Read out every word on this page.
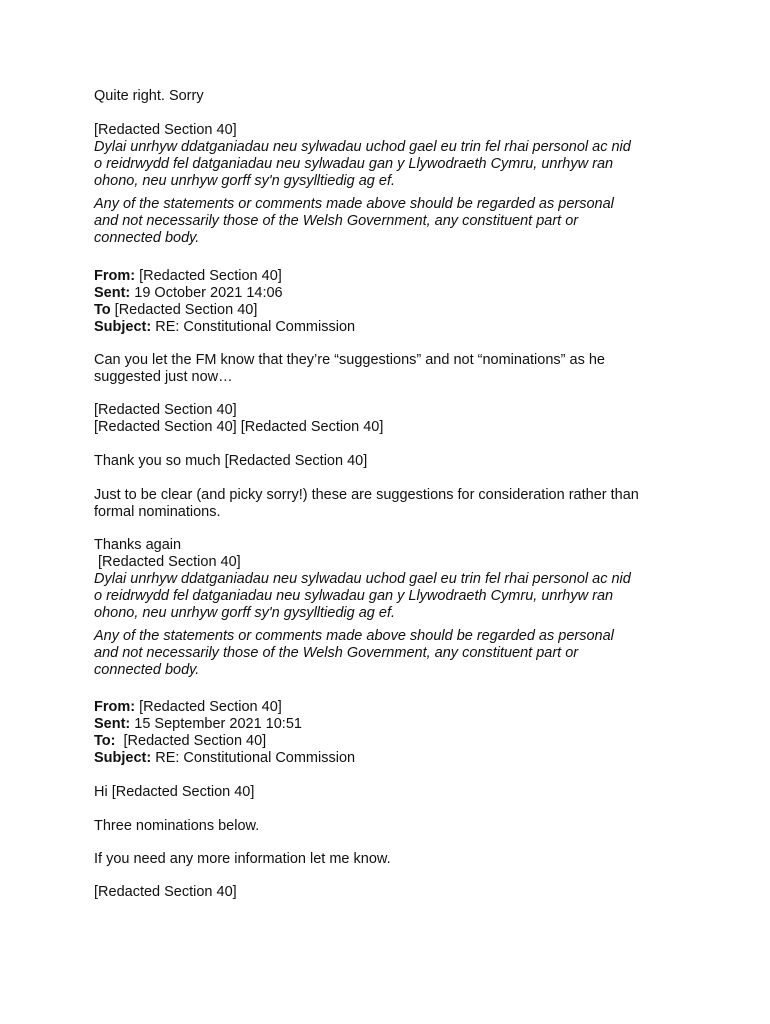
Quite right. Sorry
[Redacted Section 40]
Dylai unrhyw ddatganiadau neu sylwadau uchod gael eu trin fel rhai personol ac nid
o reidrwydd fel datganiadau neu sylwadau gan y Llywodraeth Cymru, unrhyw ran
ohono, neu unrhyw gorff sy'n gysylltiedig ag ef.
Any of the statements or comments made above should be regarded as personal
and not necessarily those of the Welsh Government, any constituent part or
connected body.
From: [Redacted Section 40]
Sent: 19 October 2021 14:06
To [Redacted Section 40]
Subject: RE: Constitutional Commission
Can you let the FM know that they’re “suggestions” and not “nominations” as he
suggested just now…
[Redacted Section 40]
[Redacted Section 40] [Redacted Section 40]
Thank you so much [Redacted Section 40]
Just to be clear (and picky sorry!) these are suggestions for consideration rather than
formal nominations.
Thanks again
[Redacted Section 40]
Dylai unrhyw ddatganiadau neu sylwadau uchod gael eu trin fel rhai personol ac nid
o reidrwydd fel datganiadau neu sylwadau gan y Llywodraeth Cymru, unrhyw ran
ohono, neu unrhyw gorff sy'n gysylltiedig ag ef.
Any of the statements or comments made above should be regarded as personal
and not necessarily those of the Welsh Government, any constituent part or
connected body.
From: [Redacted Section 40]
Sent: 15 September 2021 10:51
To:  [Redacted Section 40]
Subject: RE: Constitutional Commission
Hi [Redacted Section 40]
Three nominations below.
If you need any more information let me know.
[Redacted Section 40]
